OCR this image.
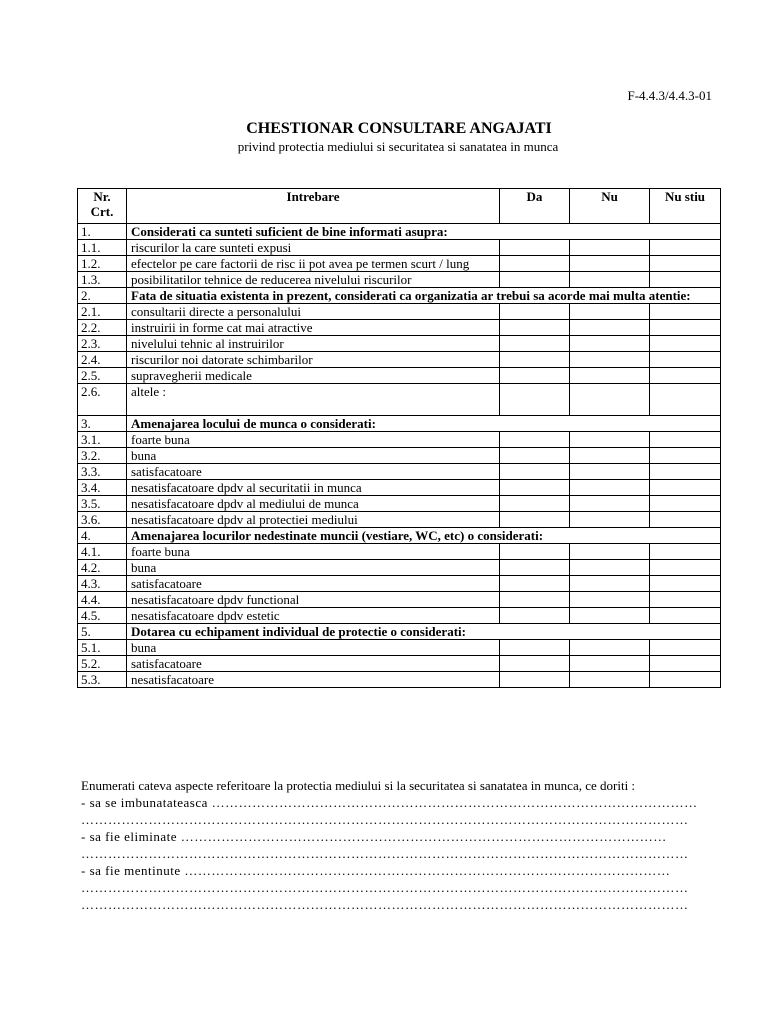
F-4.4.3/4.4.3-01
CHESTIONAR CONSULTARE ANGAJATI
privind protectia mediului si securitatea si sanatatea in munca
Nr. Crt.	Intrebare	Da	Nu	Nu stiu
1.	Considerati ca sunteti suficient de bine informati asupra:			
1.1.	riscurilor la care sunteti expusi			
1.2.	efectelor pe care factorii de risc ii pot avea pe termen scurt / lung			
1.3.	posibilitatilor tehnice de reducerea nivelului riscurilor			
2.	Fata de situatia existenta in prezent, considerati ca organizatia ar trebui sa acorde mai multa atentie:			
2.1.	consultarii directe a personalului			
2.2.	instruirii in forme cat mai atractive			
2.3.	nivelului tehnic al instruirilor			
2.4.	riscurilor noi datorate schimbarilor			
2.5.	supravegherii medicale			
2.6.	altele :			
3.	Amenajarea locului de munca o considerati:			
3.1.	foarte buna			
3.2.	buna			
3.3.	satisfacatoare			
3.4.	nesatisfacatoare dpdv al securitatii in munca			
3.5.	nesatisfacatoare dpdv al mediului de munca			
3.6.	nesatisfacatoare dpdv al protectiei mediului			
4.	Amenajarea locurilor nedestinate muncii (vestiare, WC, etc) o considerati:			
4.1.	foarte buna			
4.2.	buna			
4.3.	satisfacatoare			
4.4.	nesatisfacatoare dpdv functional			
4.5.	nesatisfacatoare dpdv estetic			
5.	Dotarea cu echipament individual de protectie o considerati:			
5.1.	buna			
5.2.	satisfacatoare			
5.3.	nesatisfacatoare			

Enumerati cateva aspecte referitoare la protectia mediului si la securitatea si sanatatea in munca, ce doriti :

- sa se imbunatateasca ………………………………………………………………………………………………
………………………………………………………………………………………………………………………
- sa fie eliminate ………………………………………………………………………………………………
………………………………………………………………………………………………………………………
- sa fie mentinute ………………………………………………………………………………………………
………………………………………………………………………………………………………………………
………………………………………………………………………………………………………………………
